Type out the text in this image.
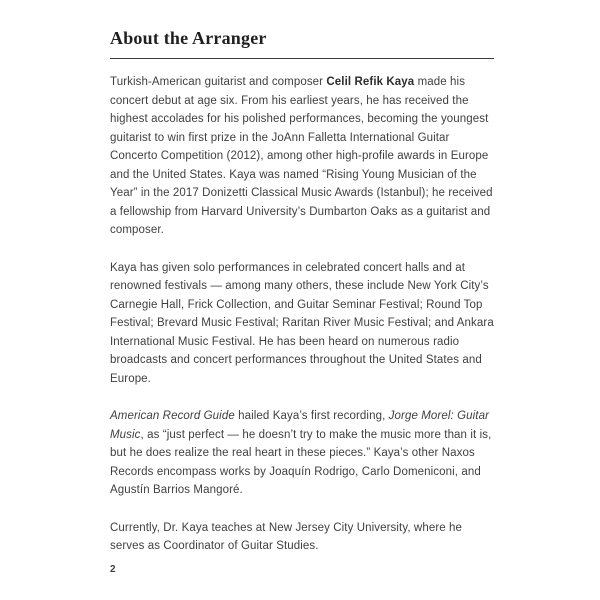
About the Arranger

Turkish-American guitarist and composer Celil Refik Kaya made his concert debut at age six. From his earliest years, he has received the highest accolades for his polished performances, becoming the youngest guitarist to win first prize in the JoAnn Falletta International Guitar Concerto Competition (2012), among other high-profile awards in Europe and the United States. Kaya was named “Rising Young Musician of the Year” in the 2017 Donizetti Classical Music Awards (Istanbul); he received a fellowship from Harvard University’s Dumbarton Oaks as a guitarist and composer.

Kaya has given solo performances in celebrated concert halls and at renowned festivals — among many others, these include New York City’s Carnegie Hall, Frick Collection, and Guitar Seminar Festival; Round Top Festival; Brevard Music Festival; Raritan River Music Festival; and Ankara International Music Festival. He has been heard on numerous radio broadcasts and concert performances throughout the United States and Europe.

American Record Guide hailed Kaya’s first recording, Jorge Morel: Guitar Music, as “just perfect — he doesn’t try to make the music more than it is, but he does realize the real heart in these pieces.” Kaya’s other Naxos Records encompass works by Joaquín Rodrigo, Carlo Domeniconi, and Agustín Barrios Mangoré.

Currently, Dr. Kaya teaches at New Jersey City University, where he serves as Coordinator of Guitar Studies.

2
